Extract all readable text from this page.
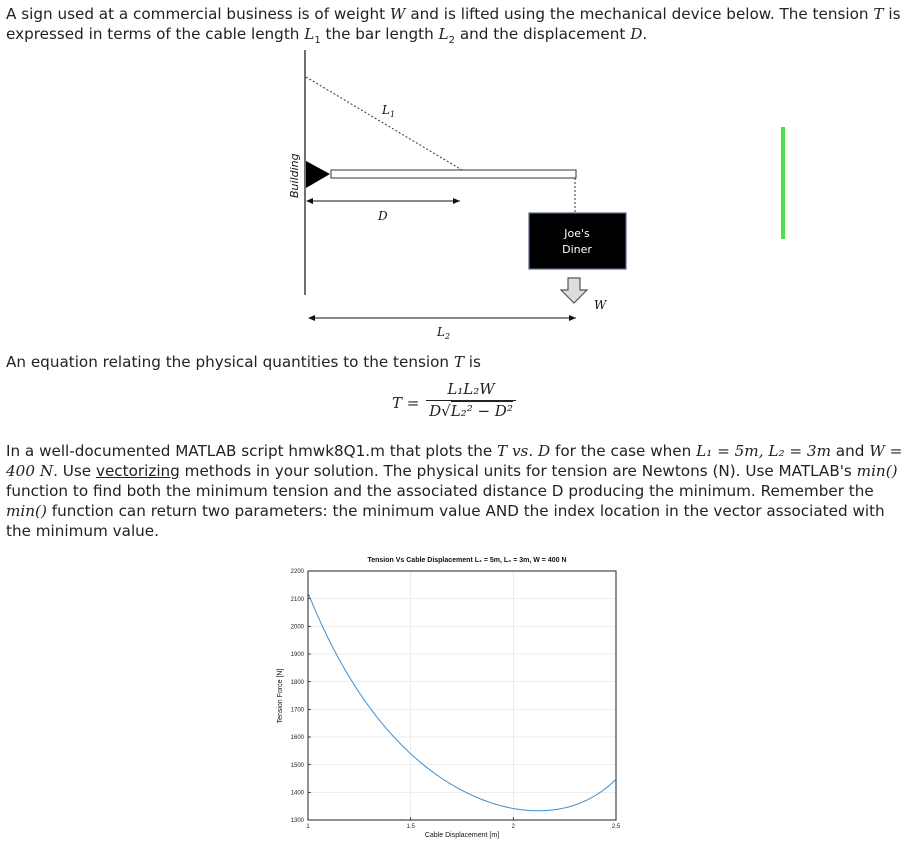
A sign used at a commercial business is of weight W and is lifted using the mechanical device below. The tension T is expressed in terms of the cable length $L_1$ the bar length $L_2$ and the displacement D.
Building
$L_1$
D
Joe's
Diner
W
$L_2$
An equation relating the physical quantities to the tension T is
T =
L₁L₂W
D√L₂² − D²
In a well-documented MATLAB script hmwk8Q1.m that plots the T vs. D for the case when L₁ = 5m, L₂ = 3m and W = 400 N. Use vectorizing methods in your solution. The physical units for tension are Newtons (N). Use MATLAB's min() function to find both the minimum tension and the associated distance D producing the minimum. Remember the min() function can return two parameters: the minimum value AND the index location in the vector associated with the minimum value.
Tension Vs Cable Displacement L₁ = 5m, L₂ = 3m, W = 400 N
1300
1400
1500
1600
1700
1800
1900
2000
2100
2200
1	1.5	2	2.5
Cable Displacement [m]
Tension Force [N]
